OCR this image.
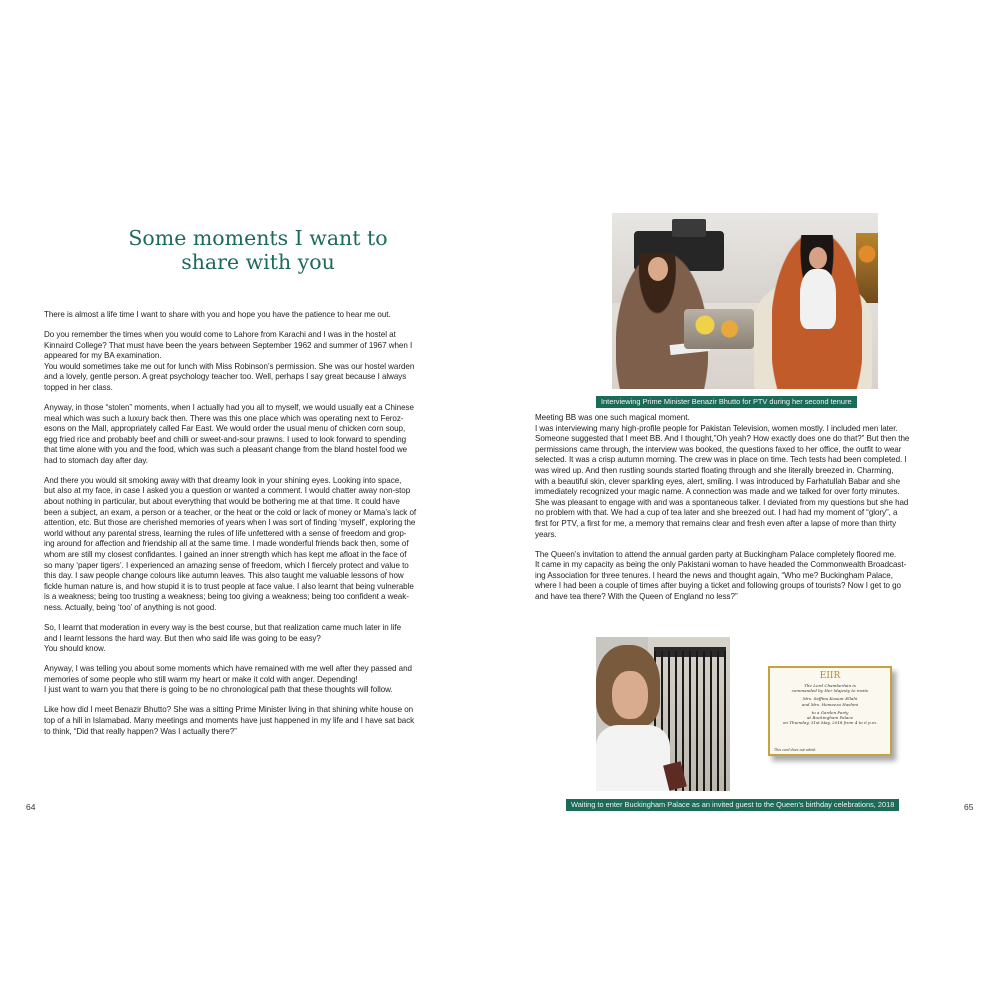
Some moments I want to
share with you

There is almost a life time I want to share with you and hope you have the patience to hear me out.

Do you remember the times when you would come to Lahore from Karachi and I was in the hostel at
Kinnaird College? That must have been the years between September 1962 and summer of 1967 when I
appeared for my BA examination.
You would sometimes take me out for lunch with Miss Robinson’s permission. She was our hostel warden
and a lovely, gentle person. A great psychology teacher too. Well, perhaps I say great because I always
topped in her class.

Anyway, in those “stolen” moments, when I actually had you all to myself, we would usually eat a Chinese
meal which was such a luxury back then. There was this one place which was operating next to Feroz-
esons on the Mall, appropriately called Far East. We would order the usual menu of chicken corn soup,
egg fried rice and probably beef and chilli or sweet-and-sour prawns. I used to look forward to spending
that time alone with you and the food, which was such a pleasant change from the bland hostel food we
had to stomach day after day.

And there you would sit smoking away with that dreamy look in your shining eyes. Looking into space,
but also at my face, in case I asked you a question or wanted a comment. I would chatter away non-stop
about nothing in particular, but about everything that would be bothering me at that time. It could have
been a subject, an exam, a person or a teacher, or the heat or the cold or lack of money or Mama’s lack of
attention, etc. But those are cherished memories of years when I was sort of finding ‘myself’, exploring the
world without any parental stress, learning the rules of life unfettered with a sense of freedom and grop-
ing around for affection and friendship all at the same time. I made wonderful friends back then, some of
whom are still my closest confidantes. I gained an inner strength which has kept me afloat in the face of
so many ‘paper tigers’. I experienced an amazing sense of freedom, which I fiercely protect and value to
this day. I saw people change colours like autumn leaves. This also taught me valuable lessons of how
fickle human nature is, and how stupid it is to trust people at face value. I also learnt that being vulnerable
is a weakness; being too trusting a weakness; being too giving a weakness; being too confident a weak-
ness. Actually, being ‘too’ of anything is not good.

So, I learnt that moderation in every way is the best course, but that realization came much later in life
and I learnt lessons the hard way. But then who said life was going to be easy?
You should know.

Anyway, I was telling you about some moments which have remained with me well after they passed and
memories of some people who still warm my heart or make it cold with anger. Depending!
I just want to warn you that there is going to be no chronological path that these thoughts will follow.

Like how did I meet Benazir Bhutto? She was a sitting Prime Minister living in that shining white house on
top of a hill in Islamabad. Many meetings and moments have just happened in my life and I have sat back
to think, “Did that really happen? Was I actually there?”

64
Interviewing Prime Minister Benazir Bhutto for PTV during her second tenure

Meeting BB was one such magical moment.
I was interviewing many high-profile people for Pakistan Television, women mostly. I included men later.
Someone suggested that I meet BB. And I thought,”Oh yeah? How exactly does one do that?” But then the
permissions came through, the interview was booked, the questions faxed to her office, the outfit to wear
selected. It was a crisp autumn morning. The crew was in place on time. Tech tests had been completed. I
was wired up. And then rustling sounds started floating through and she literally breezed in. Charming,
with a beautiful skin, clever sparkling eyes, alert, smiling. I was introduced by Farhatullah Babar and she
immediately recognized your magic name. A connection was made and we talked for over forty minutes.
She was pleasant to engage with and was a spontaneous talker. I deviated from my questions but she had
no problem with that. We had a cup of tea later and she breezed out. I had had my moment of “glory”, a
first for PTV, a first for me, a memory that remains clear and fresh even after a lapse of more than thirty
years.

The Queen’s invitation to attend the annual garden party at Buckingham Palace completely floored me.
It came in my capacity as being the only Pakistani woman to have headed the Commonwealth Broadcast-
ing Association for three tenures. I heard the news and thought again, “Who me? Buckingham Palace,
where I had been a couple of times after buying a ticket and following groups of tourists? Now I get to go
and have tea there? With the Queen of England no less?”

EIIR
The Lord Chamberlain is
commanded by Her Majesty to invite
Mrs. Saffina Kosuar Ellahi
and Mrs. Hemeeza Hashmi
to a Garden Party
at Buckingham Palace
on Thursday, 31st May, 2018 from 4 to 6 p.m.
This card does not admit
Waiting to enter Buckingham Palace as an invited guest to the Queen’s birthday celebrations, 2018	65
